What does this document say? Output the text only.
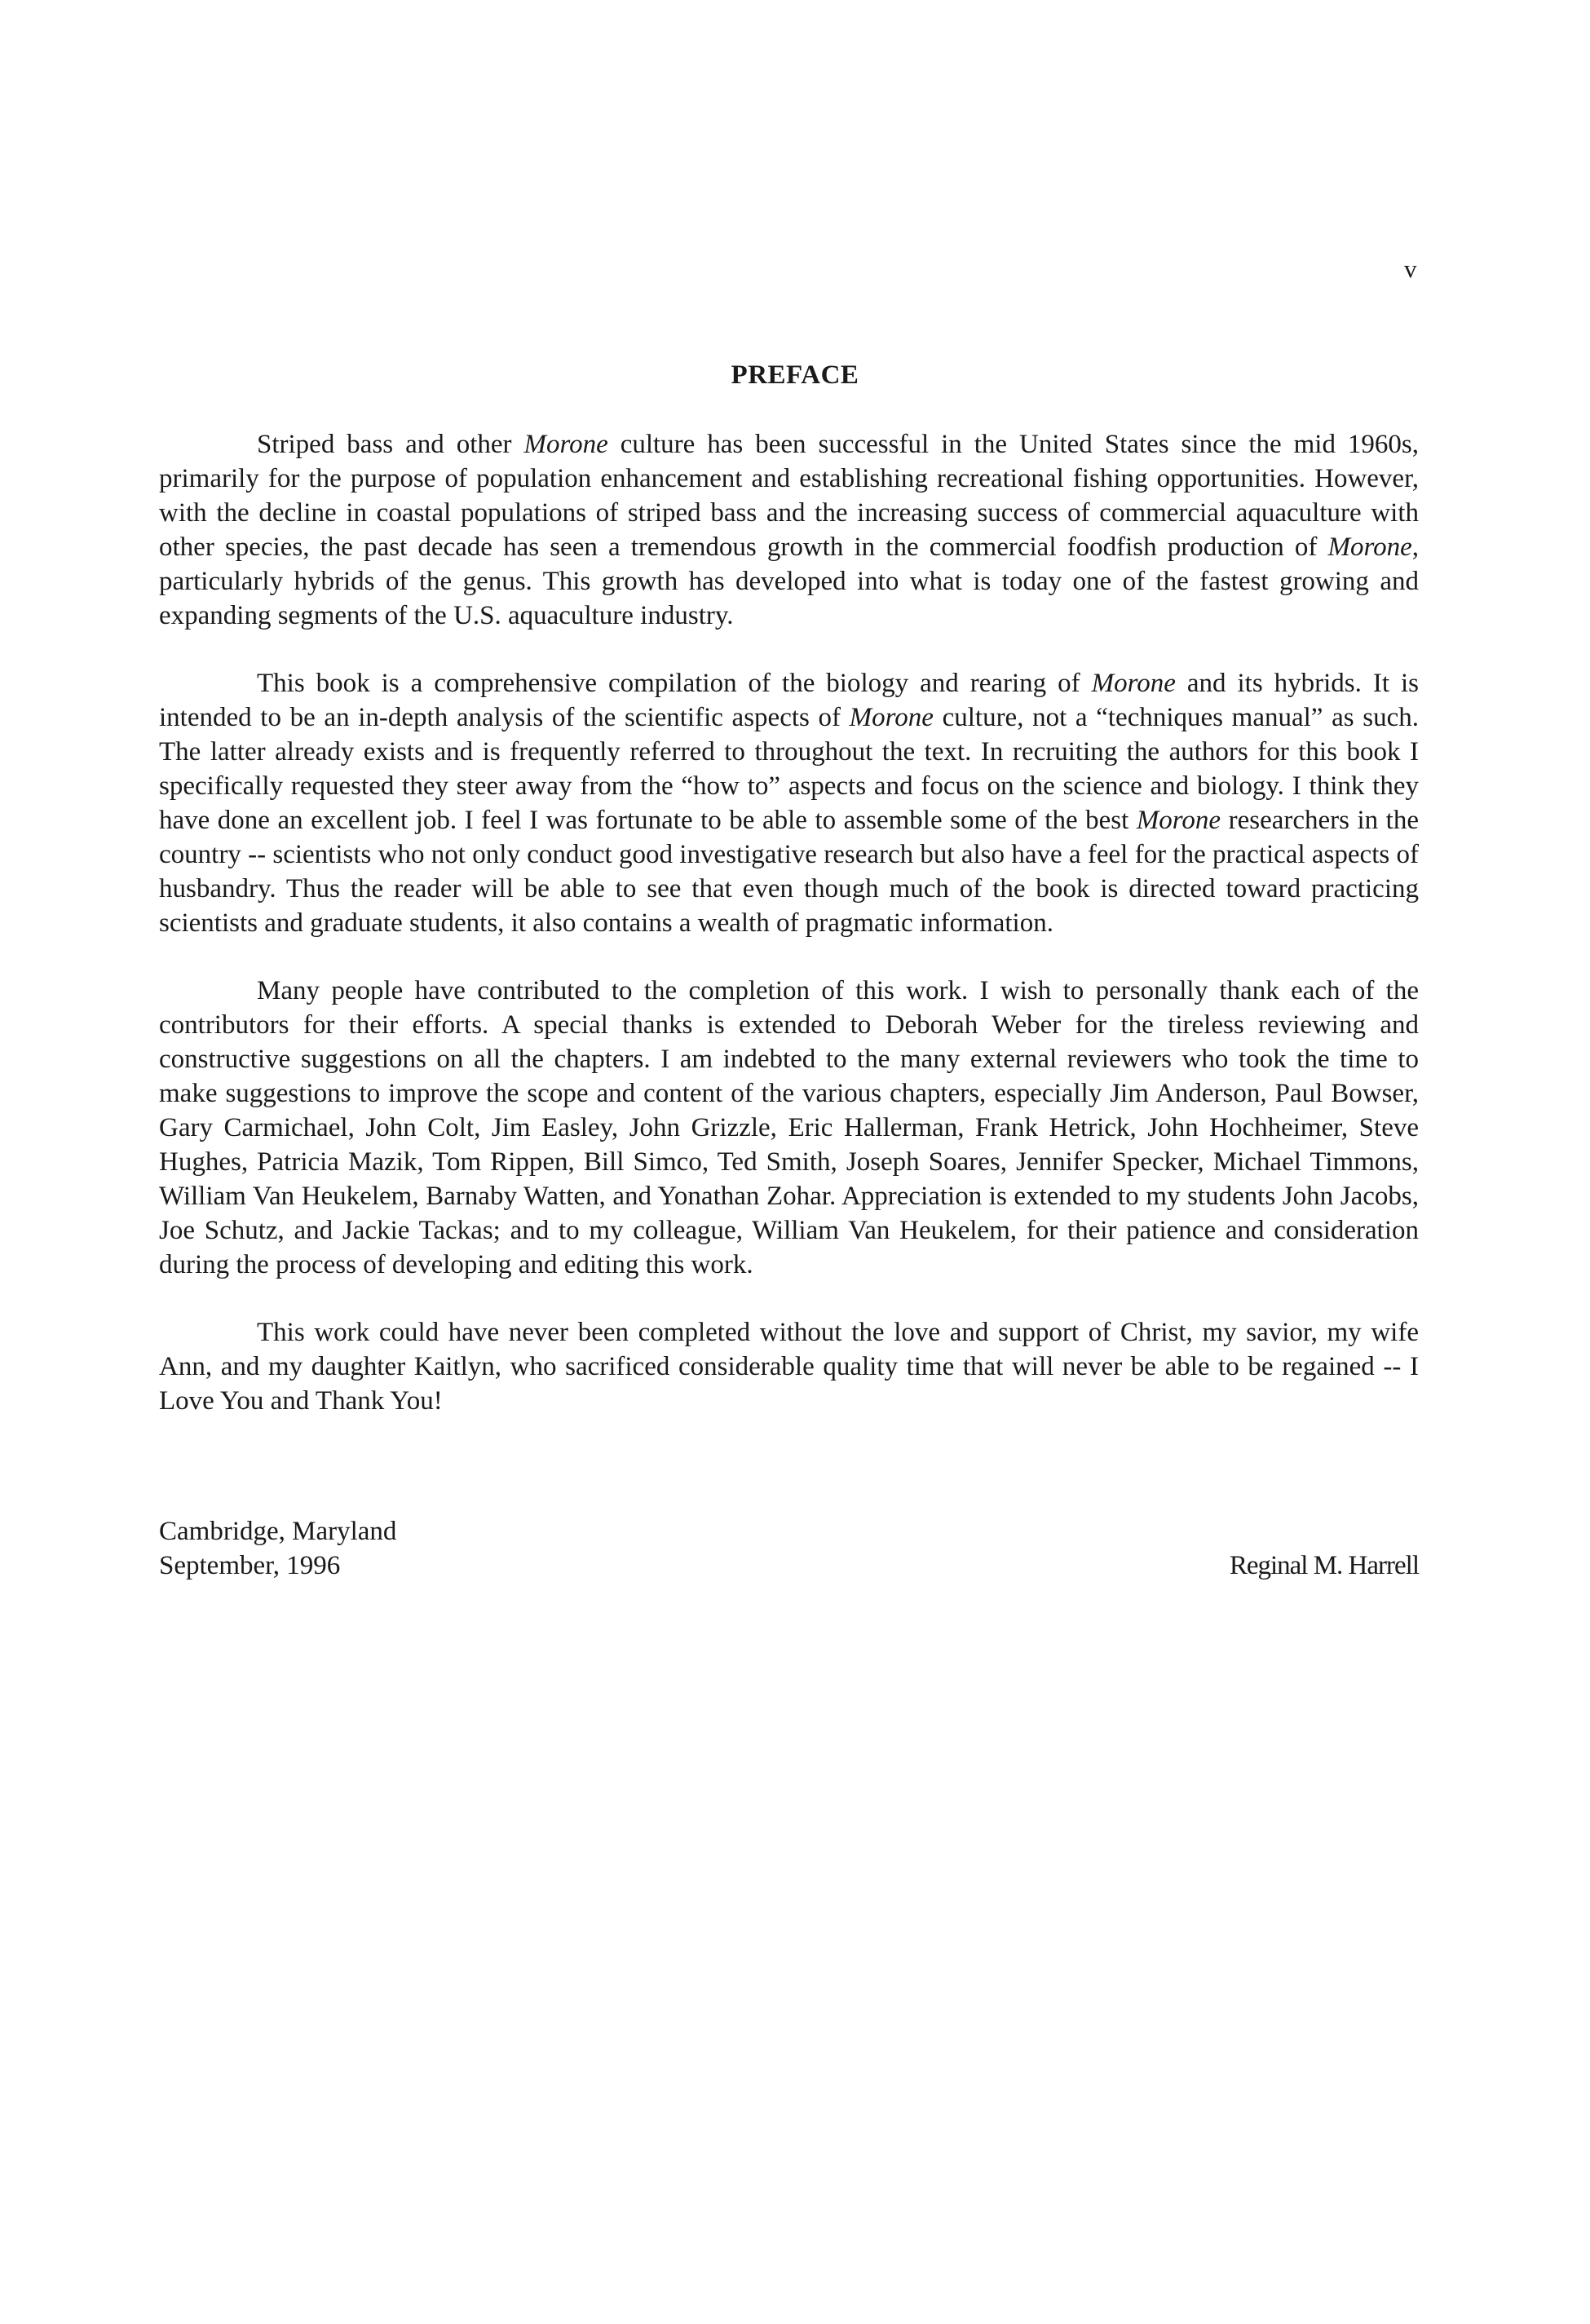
v
PREFACE

Striped bass and other Morone culture has been successful in the United States since the mid 1960s, primarily for the purpose of population enhancement and establishing recreational fishing opportunities. However, with the decline in coastal populations of striped bass and the increasing success of commercial aquaculture with other species, the past decade has seen a tremendous growth in the commercial foodfish production of Morone, particularly hybrids of the genus. This growth has developed into what is today one of the fastest growing and expanding segments of the U.S. aquaculture industry.

This book is a comprehensive compilation of the biology and rearing of Morone and its hybrids. It is intended to be an in-depth analysis of the scientific aspects of Morone culture, not a “techniques manual” as such. The latter already exists and is frequently referred to throughout the text. In recruiting the authors for this book I specifically requested they steer away from the “how to” aspects and focus on the science and biology. I think they have done an excellent job. I feel I was fortunate to be able to assemble some of the best Morone researchers in the country -- scientists who not only conduct good investigative research but also have a feel for the practical aspects of husbandry. Thus the reader will be able to see that even though much of the book is directed toward practicing scientists and graduate students, it also contains a wealth of pragmatic information.

Many people have contributed to the completion of this work. I wish to personally thank each of the contributors for their efforts. A special thanks is extended to Deborah Weber for the tireless reviewing and constructive suggestions on all the chapters. I am indebted to the many external reviewers who took the time to make suggestions to improve the scope and content of the various chapters, especially Jim Anderson, Paul Bowser, Gary Carmichael, John Colt, Jim Easley, John Grizzle, Eric Hallerman, Frank Hetrick, John Hochheimer, Steve Hughes, Patricia Mazik, Tom Rippen, Bill Simco, Ted Smith, Joseph Soares, Jennifer Specker, Michael Timmons, William Van Heukelem, Barnaby Watten, and Yonathan Zohar. Appreciation is extended to my students John Jacobs, Joe Schutz, and Jackie Tackas; and to my colleague, William Van Heukelem, for their patience and consideration during the process of developing and editing this work.

This work could have never been completed without the love and support of Christ, my savior, my wife Ann, and my daughter Kaitlyn, who sacrificed considerable quality time that will never be able to be regained -- I Love You and Thank You!

Cambridge, Maryland
September, 1996	Reginal M. Harrell
